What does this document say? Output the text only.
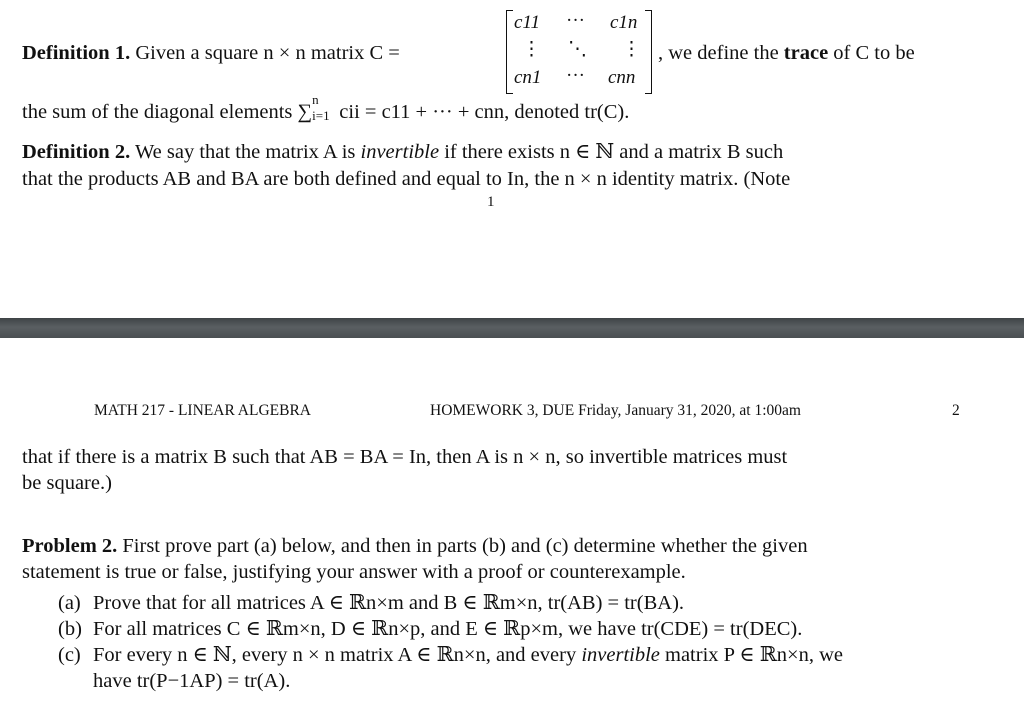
Definition 1. Given a square n × n matrix C =
c11 ··· c1n
⋮ ⋱ ⋮
cn1 ··· cnn
, we define the trace of C to be
the sum of the diagonal elements ∑
n
i=1 cii = c11 + ··· + cnn, denoted tr(C).
Definition 2. We say that the matrix A is invertible if there exists n ∈ ℕ and a matrix B such
that the products AB and BA are both defined and equal to In, the n × n identity matrix. (Note
1
MATH 217 - LINEAR ALGEBRA	HOMEWORK 3, DUE Friday, January 31, 2020, at 1:00am	2
that if there is a matrix B such that AB = BA = In, then A is n × n, so invertible matrices must
be square.)
Problem 2. First prove part (a) below, and then in parts (b) and (c) determine whether the given
statement is true or false, justifying your answer with a proof or counterexample.
(a) Prove that for all matrices A ∈ ℝn×m and B ∈ ℝm×n, tr(AB) = tr(BA).
(b) For all matrices C ∈ ℝm×n, D ∈ ℝn×p, and E ∈ ℝp×m, we have tr(CDE) = tr(DEC).
(c) For every n ∈ ℕ, every n × n matrix A ∈ ℝn×n, and every invertible matrix P ∈ ℝn×n, we
have tr(P−1AP) = tr(A).
